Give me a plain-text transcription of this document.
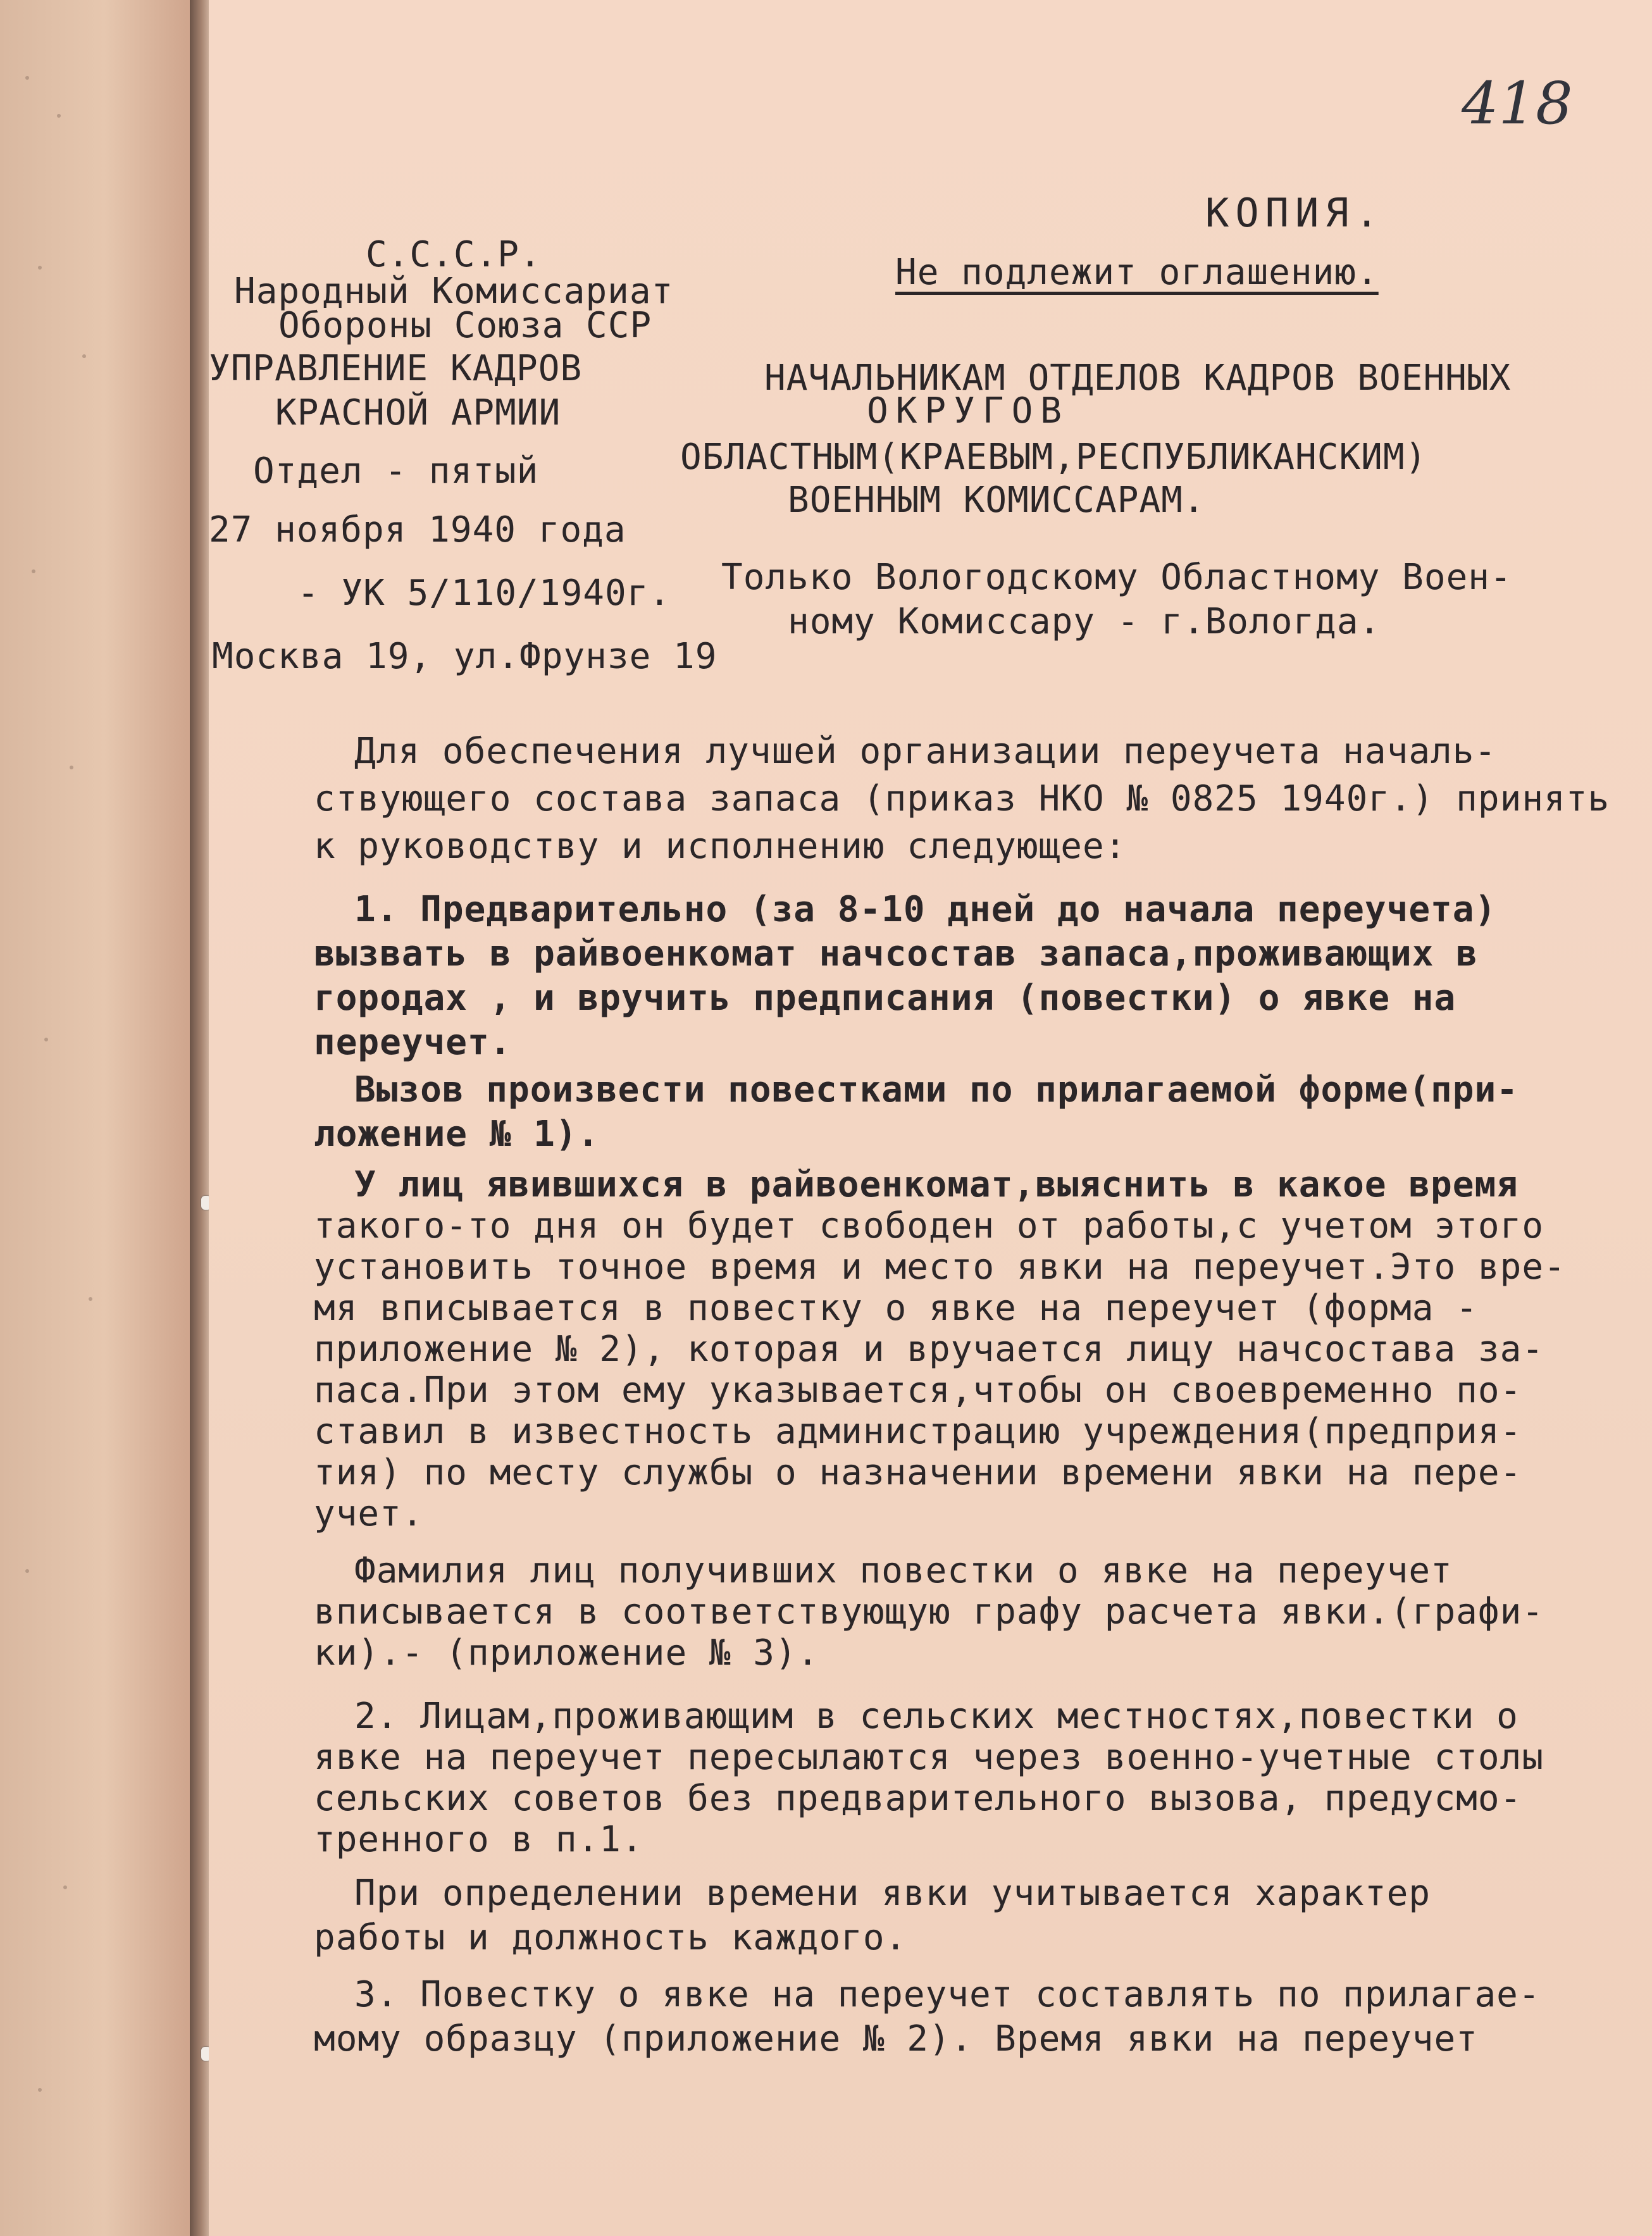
418
КОПИЯ.
Не подлежит оглашению.
С.С.С.Р.
Народный Комиссариат
Обороны Союза ССР
УПРАВЛЕНИЕ КАДРОВ
КРАСНОЙ АРМИИ
Отдел - пятый
27 ноября 1940 года
- УК 5/110/1940г.
Москва 19, ул.Фрунзе 19
НАЧАЛЬНИКАМ ОТДЕЛОВ КАДРОВ ВОЕННЫХ
ОКРУГОВ
ОБЛАСТНЫМ(КРАЕВЫМ,РЕСПУБЛИКАНСКИМ)
ВОЕННЫМ КОМИССАРАМ.
Только Вологодскому Областному Воен-
ному Комиссару - г.Вологда.
Для обеспечения лучшей организации переучета началь-
ствующего состава запаса (приказ НКО № 0825 1940г.) принять
к руководству и исполнению следующее:
1. Предварительно (за 8-10 дней до начала переучета)
вызвать в райвоенкомат начсостав запаса,проживающих в
городах , и вручить предписания (повестки) о явке на
переучет.
Вызов произвести повестками по прилагаемой форме(при-
ложение № 1).
У лиц явившихся в райвоенкомат,выяснить в какое время
такого-то дня он будет свободен от работы,с учетом этого
установить точное время и место явки на переучет.Это вре-
мя вписывается в повестку о явке на переучет (форма -
приложение № 2), которая и вручается лицу начсостава за-
паса.При этом ему указывается,чтобы он своевременно по-
ставил в известность администрацию учреждения(предприя-
тия) по месту службы о назначении времени явки на пере-
учет.
Фамилия лиц получивших повестки о явке на переучет
вписывается в соответствующую графу расчета явки.(графи-
ки).- (приложение № 3).
2. Лицам,проживающим в сельских местностях,повестки о
явке на переучет пересылаются через военно-учетные столы
сельских советов без предварительного вызова, предусмо-
тренного в п.1.
При определении времени явки учитывается характер
работы и должность каждого.
3. Повестку о явке на переучет составлять по прилагае-
мому образцу (приложение № 2). Время явки на переучет
